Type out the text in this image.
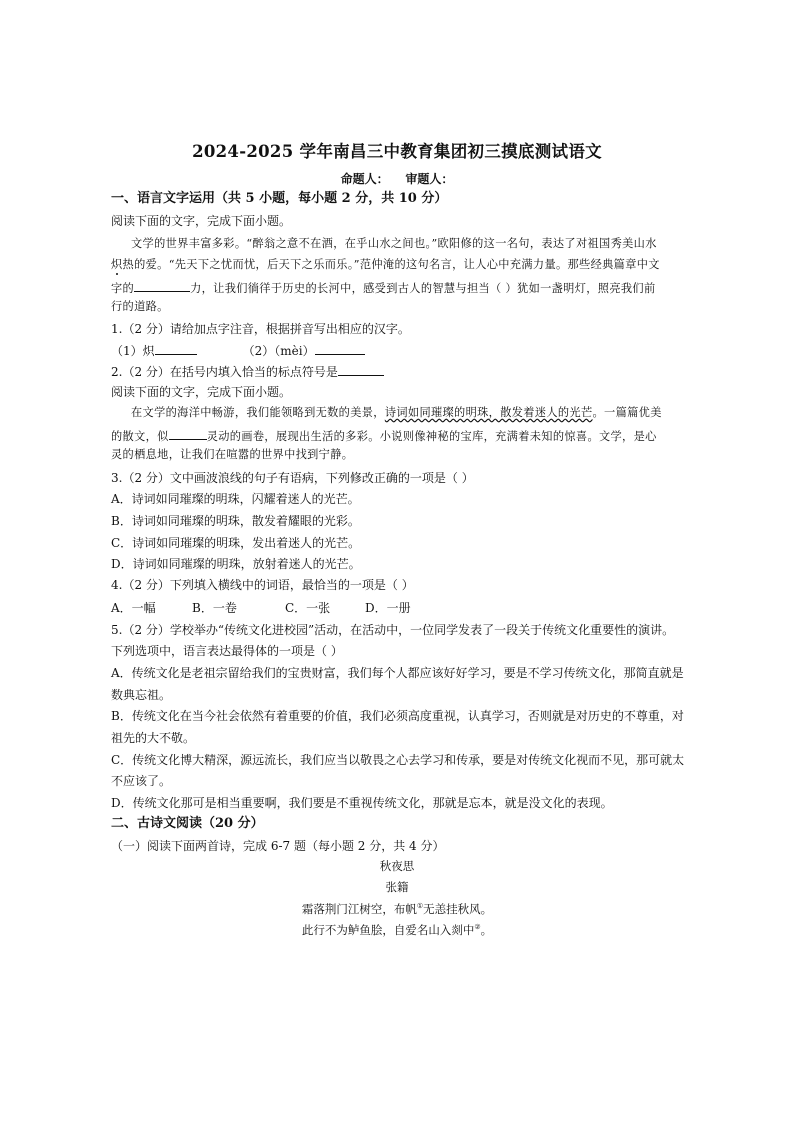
2024-2025 学年南昌三中教育集团初三摸底测试语文
命题人：    审题人：
一、语言文字运用（共 5 小题，每小题 2 分，共 10 分）
阅读下面的文字，完成下面小题。
文学的世界丰富多彩。“醉翁之意不在酒，在乎山水之间也。”欧阳修的这一名句，表达了对祖国秀美山水
炽热的爱。“先天下之忧而忧，后天下之乐而乐。”范仲淹的这句名言，让人心中充满力量。那些经典篇章中文
字的	力，让我们徜徉于历史的长河中，感受到古人的智慧与担当（ ）犹如一盏明灯，照亮我们前
行的道路。
1.（2 分）请给加点字注音，根据拼音写出相应的汉字。
（1）炽	（2）（mèi）
2.（2 分）在括号内填入恰当的标点符号是
阅读下面的文字，完成下面小题。
在文学的海洋中畅游，我们能领略到无数的美景，诗词如同璀璨的明珠，散发着迷人的光芒。一篇篇优美
的散文，似	灵动的画卷，展现出生活的多彩。小说则像神秘的宝库，充满着未知的惊喜。文学，是心
灵的栖息地，让我们在喧嚣的世界中找到宁静。
3.（2 分）文中画波浪线的句子有语病，下列修改正确的一项是（ ）
A．诗词如同璀璨的明珠，闪耀着迷人的光芒。
B．诗词如同璀璨的明珠，散发着耀眼的光彩。
C．诗词如同璀璨的明珠，发出着迷人的光芒。
D．诗词如同璀璨的明珠，放射着迷人的光芒。
4.（2 分）下列填入横线中的词语，最恰当的一项是（ ）
A．一幅	B．一卷	C．一张	D．一册
5.（2 分）学校举办“传统文化进校园”活动，在活动中，一位同学发表了一段关于传统文化重要性的演讲。
下列选项中，语言表达最得体的一项是（ ）
A．传统文化是老祖宗留给我们的宝贵财富，我们每个人都应该好好学习，要是不学习传统文化，那简直就是
数典忘祖。
B．传统文化在当今社会依然有着重要的价值，我们必须高度重视，认真学习，否则就是对历史的不尊重，对
祖先的大不敬。
C．传统文化博大精深，源远流长，我们应当以敬畏之心去学习和传承，要是对传统文化视而不见，那可就太
不应该了。
D．传统文化那可是相当重要啊，我们要是不重视传统文化，那就是忘本，就是没文化的表现。
二、古诗文阅读（20 分）
（一）阅读下面两首诗，完成 6-7 题（每小题 2 分，共 4 分）
秋夜思
张籍
霜落荆门江树空，布帆①无恙挂秋风。
此行不为鲈鱼脍，自爱名山入剡中②。
